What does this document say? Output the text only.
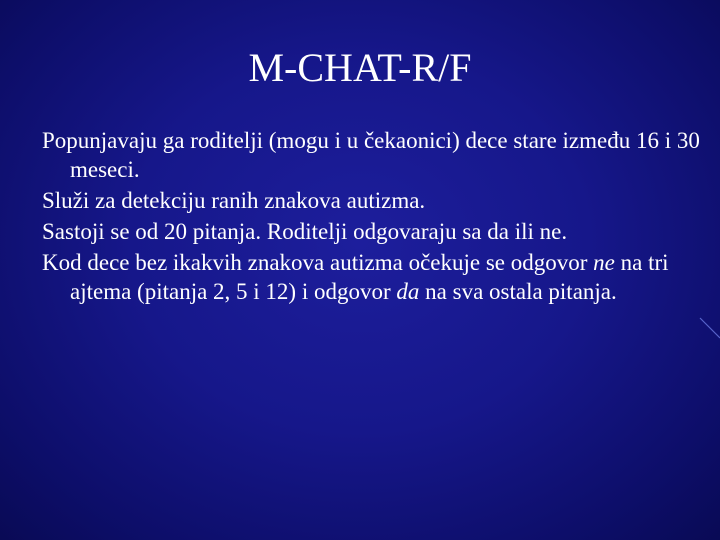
M-CHAT-R/F

Popunjavaju ga roditelji (mogu i u čekaonici) dece stare između 16 i 30 meseci.

Služi za detekciju ranih znakova autizma.

Sastoji se od 20 pitanja. Roditelji odgovaraju sa da ili ne.

Kod dece bez ikakvih znakova autizma očekuje se odgovor ne na tri ajtema (pitanja 2, 5 i 12) i odgovor da na sva ostala pitanja.
